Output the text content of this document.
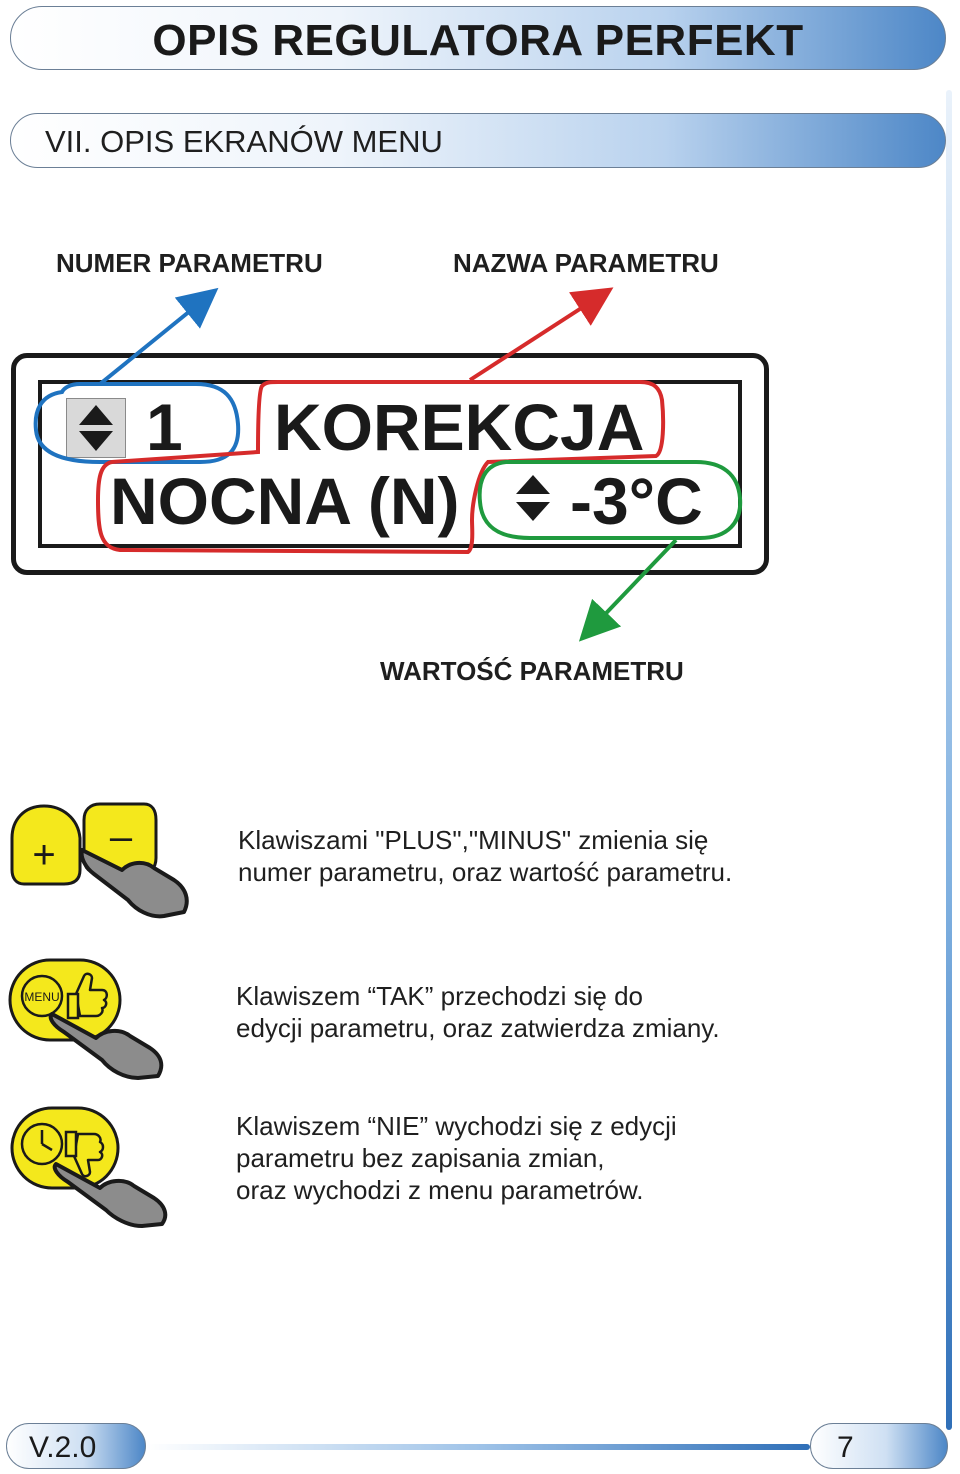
OPIS REGULATORA PERFEKT
VII. OPIS EKRANÓW MENU
NUMER PARAMETRU	NAZWA PARAMETRU
WARTOŚĆ PARAMETRU
1 KOREKCJA
NOCNA (N) -3°C
+ –	Klawiszami "PLUS","MINUS" zmienia się
numer parametru, oraz wartość parametru.
MENU	Klawiszem “TAK” przechodzi się do
edycji parametru, oraz zatwierdza zmiany.
Klawiszem “NIE” wychodzi się z edycji
parametru bez zapisania zmian,
oraz wychodzi z menu parametrów.
V.2.0	7
